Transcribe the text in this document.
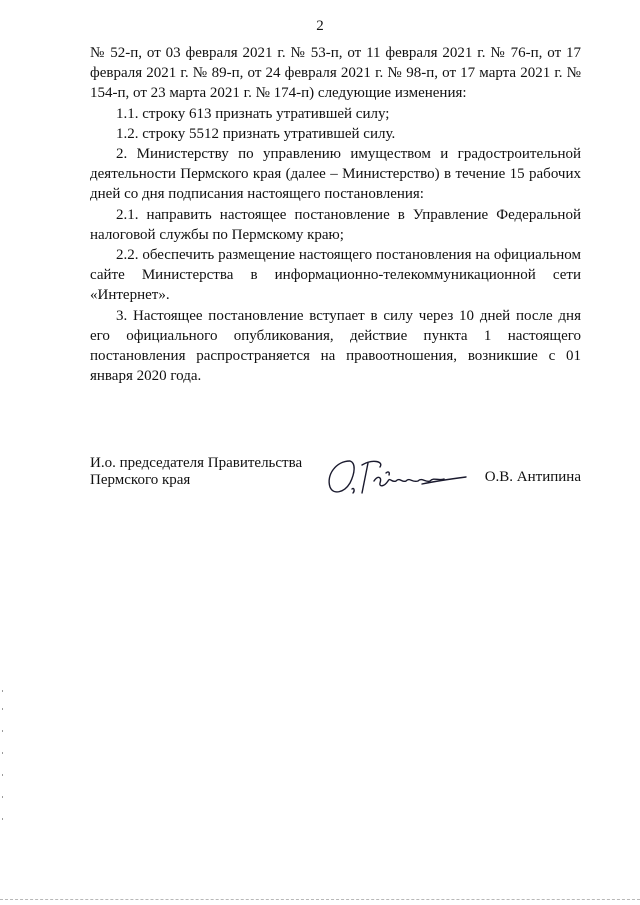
2

№ 52-п, от 03 февраля 2021 г. № 53-п, от 11 февраля 2021 г. № 76-п, от 17 февраля 2021 г. № 89-п, от 24 февраля 2021 г. № 98-п, от 17 марта 2021 г. № 154-п, от 23 марта 2021 г. № 174-п) следующие изменения:

1.1. строку 613 признать утратившей силу;

1.2. строку 5512 признать утратившей силу.

2. Министерству по управлению имуществом и градостроительной деятельности Пермского края (далее – Министерство) в течение 15 рабочих дней со дня подписания настоящего постановления:

2.1. направить настоящее постановление в Управление Федеральной налоговой службы по Пермскому краю;

2.2. обеспечить размещение настоящего постановления на официальном сайте Министерства в информационно-телекоммуникационной сети «Интернет».

3. Настоящее постановление вступает в силу через 10 дней после дня его официального опубликования, действие пункта 1 настоящего постановления распространяется на правоотношения, возникшие с 01 января 2020 года.

И.о. председателя Правительства
Пермского края	О.В. Антипина
